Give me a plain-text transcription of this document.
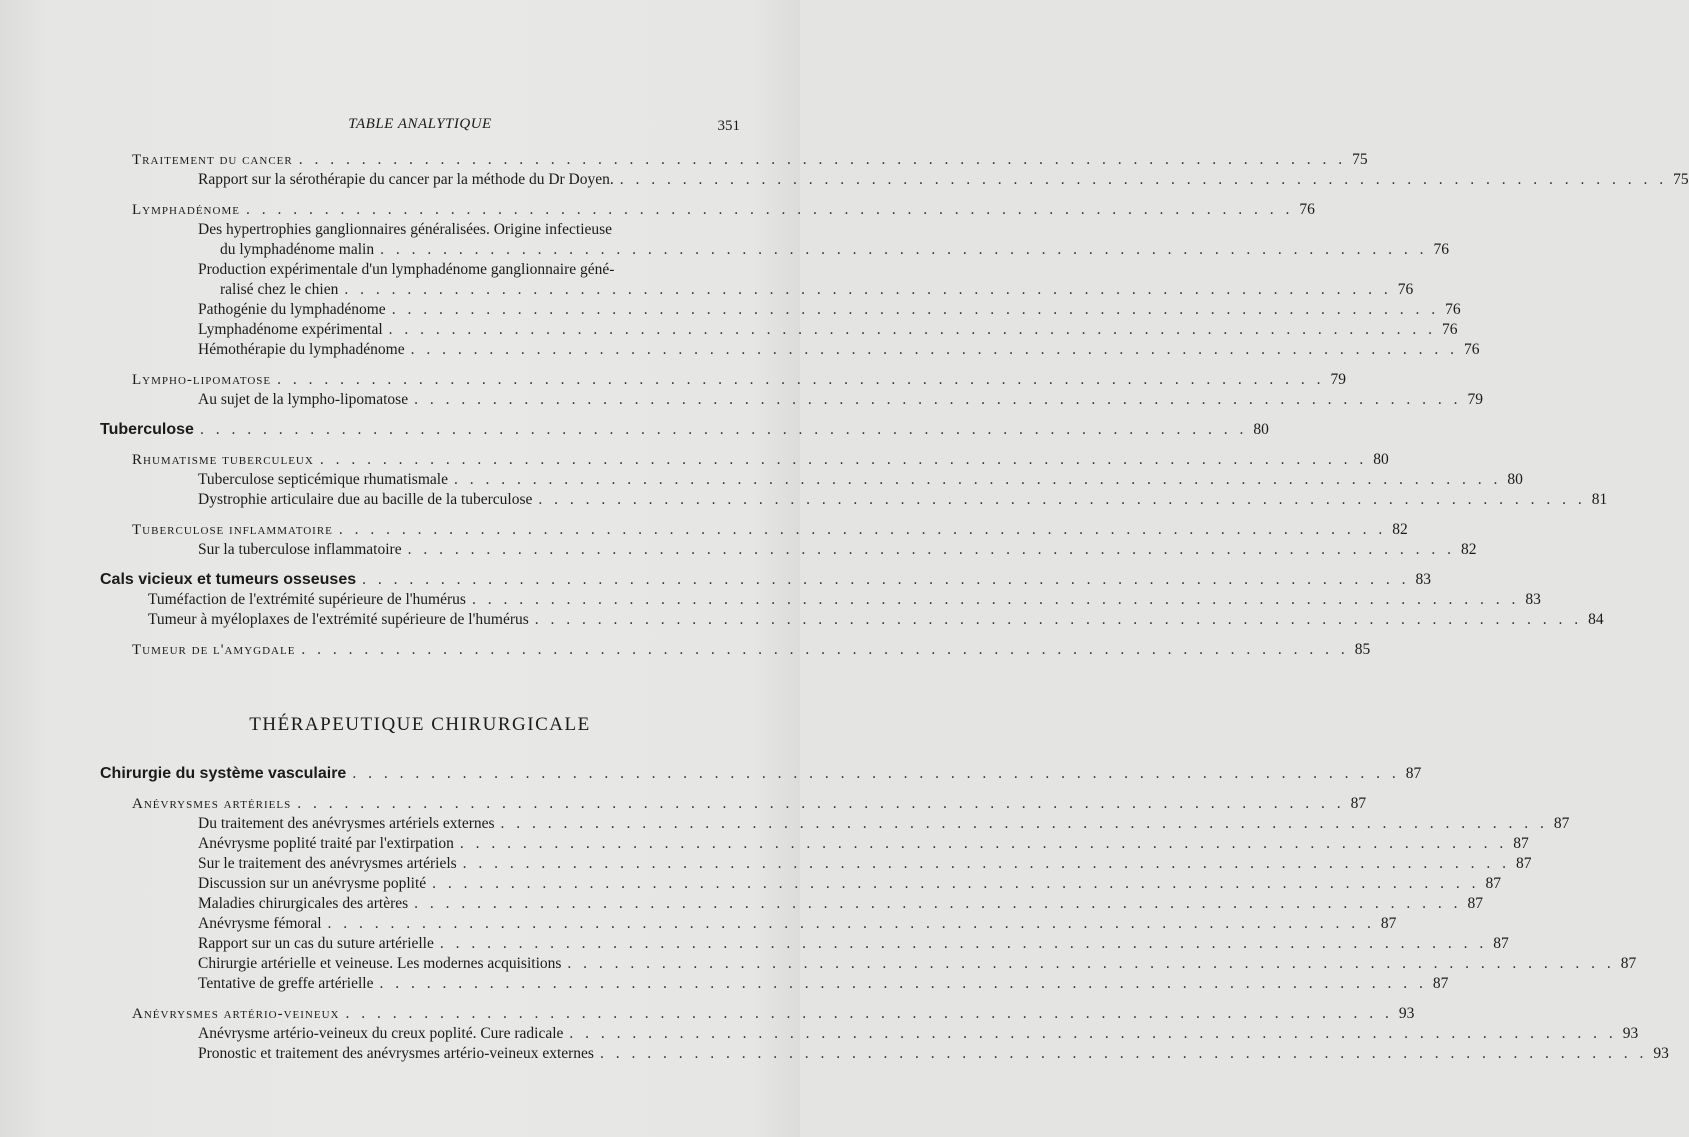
TABLE ANALYTIQUE	351
Traitement du cancer . . . . . . . . . . . . . . . . . . . . . . . . . . . . . . . . . . . . . . . . . . . . . . . . . . . . . . . . . . . . . . . . . . . 75
Rapport sur la sérothérapie du cancer par la méthode du Dr Doyen. . . . . . . . . . . . . . . . . . . . . . . . . . . . . . . . . . . . . . . . . . . . . . . . . . . . . . . . . . . . . . . . . . . . 75
Lymphadénome . . . . . . . . . . . . . . . . . . . . . . . . . . . . . . . . . . . . . . . . . . . . . . . . . . . . . . . . . . . . . . . . . . . 76
Des hypertrophies ganglionnaires généralisées. Origine infectieuse
du lymphadénome malin . . . . . . . . . . . . . . . . . . . . . . . . . . . . . . . . . . . . . . . . . . . . . . . . . . . . . . . . . . . . . . . . . . . 76
Production expérimentale d'un lymphadénome ganglionnaire géné-
ralisé chez le chien . . . . . . . . . . . . . . . . . . . . . . . . . . . . . . . . . . . . . . . . . . . . . . . . . . . . . . . . . . . . . . . . . . . 76
Pathogénie du lymphadénome . . . . . . . . . . . . . . . . . . . . . . . . . . . . . . . . . . . . . . . . . . . . . . . . . . . . . . . . . . . . . . . . . . . 76
Lymphadénome expérimental . . . . . . . . . . . . . . . . . . . . . . . . . . . . . . . . . . . . . . . . . . . . . . . . . . . . . . . . . . . . . . . . . . . 76
Hémothérapie du lymphadénome . . . . . . . . . . . . . . . . . . . . . . . . . . . . . . . . . . . . . . . . . . . . . . . . . . . . . . . . . . . . . . . . . . . 76
Lympho-lipomatose . . . . . . . . . . . . . . . . . . . . . . . . . . . . . . . . . . . . . . . . . . . . . . . . . . . . . . . . . . . . . . . . . . . 79
Au sujet de la lympho-lipomatose . . . . . . . . . . . . . . . . . . . . . . . . . . . . . . . . . . . . . . . . . . . . . . . . . . . . . . . . . . . . . . . . . . . 79
Tuberculose . . . . . . . . . . . . . . . . . . . . . . . . . . . . . . . . . . . . . . . . . . . . . . . . . . . . . . . . . . . . . . . . . . . 80
Rhumatisme tuberculeux . . . . . . . . . . . . . . . . . . . . . . . . . . . . . . . . . . . . . . . . . . . . . . . . . . . . . . . . . . . . . . . . . . . 80
Tuberculose septicémique rhumatismale . . . . . . . . . . . . . . . . . . . . . . . . . . . . . . . . . . . . . . . . . . . . . . . . . . . . . . . . . . . . . . . . . . . 80
Dystrophie articulaire due au bacille de la tuberculose . . . . . . . . . . . . . . . . . . . . . . . . . . . . . . . . . . . . . . . . . . . . . . . . . . . . . . . . . . . . . . . . . . . 81
Tuberculose inflammatoire . . . . . . . . . . . . . . . . . . . . . . . . . . . . . . . . . . . . . . . . . . . . . . . . . . . . . . . . . . . . . . . . . . . 82
Sur la tuberculose inflammatoire . . . . . . . . . . . . . . . . . . . . . . . . . . . . . . . . . . . . . . . . . . . . . . . . . . . . . . . . . . . . . . . . . . . 82
Cals vicieux et tumeurs osseuses . . . . . . . . . . . . . . . . . . . . . . . . . . . . . . . . . . . . . . . . . . . . . . . . . . . . . . . . . . . . . . . . . . . 83
Tuméfaction de l'extrémité supérieure de l'humérus . . . . . . . . . . . . . . . . . . . . . . . . . . . . . . . . . . . . . . . . . . . . . . . . . . . . . . . . . . . . . . . . . . . 83
Tumeur à myéloplaxes de l'extrémité supérieure de l'humérus . . . . . . . . . . . . . . . . . . . . . . . . . . . . . . . . . . . . . . . . . . . . . . . . . . . . . . . . . . . . . . . . . . . 84
Tumeur de l'amygdale . . . . . . . . . . . . . . . . . . . . . . . . . . . . . . . . . . . . . . . . . . . . . . . . . . . . . . . . . . . . . . . . . . . 85
THÉRAPEUTIQUE CHIRURGICALE
Chirurgie du système vasculaire . . . . . . . . . . . . . . . . . . . . . . . . . . . . . . . . . . . . . . . . . . . . . . . . . . . . . . . . . . . . . . . . . . . 87
Anévrysmes artériels . . . . . . . . . . . . . . . . . . . . . . . . . . . . . . . . . . . . . . . . . . . . . . . . . . . . . . . . . . . . . . . . . . . 87
Du traitement des anévrysmes artériels externes . . . . . . . . . . . . . . . . . . . . . . . . . . . . . . . . . . . . . . . . . . . . . . . . . . . . . . . . . . . . . . . . . . . 87
Anévrysme poplité traité par l'extirpation . . . . . . . . . . . . . . . . . . . . . . . . . . . . . . . . . . . . . . . . . . . . . . . . . . . . . . . . . . . . . . . . . . . 87
Sur le traitement des anévrysmes artériels . . . . . . . . . . . . . . . . . . . . . . . . . . . . . . . . . . . . . . . . . . . . . . . . . . . . . . . . . . . . . . . . . . . 87
Discussion sur un anévrysme poplité . . . . . . . . . . . . . . . . . . . . . . . . . . . . . . . . . . . . . . . . . . . . . . . . . . . . . . . . . . . . . . . . . . . 87
Maladies chirurgicales des artères . . . . . . . . . . . . . . . . . . . . . . . . . . . . . . . . . . . . . . . . . . . . . . . . . . . . . . . . . . . . . . . . . . . 87
Anévrysme fémoral . . . . . . . . . . . . . . . . . . . . . . . . . . . . . . . . . . . . . . . . . . . . . . . . . . . . . . . . . . . . . . . . . . . 87
Rapport sur un cas du suture artérielle . . . . . . . . . . . . . . . . . . . . . . . . . . . . . . . . . . . . . . . . . . . . . . . . . . . . . . . . . . . . . . . . . . . 87
Chirurgie artérielle et veineuse. Les modernes acquisitions . . . . . . . . . . . . . . . . . . . . . . . . . . . . . . . . . . . . . . . . . . . . . . . . . . . . . . . . . . . . . . . . . . . 87
Tentative de greffe artérielle . . . . . . . . . . . . . . . . . . . . . . . . . . . . . . . . . . . . . . . . . . . . . . . . . . . . . . . . . . . . . . . . . . . 87
Anévrysmes artério-veineux . . . . . . . . . . . . . . . . . . . . . . . . . . . . . . . . . . . . . . . . . . . . . . . . . . . . . . . . . . . . . . . . . . . 93
Anévrysme artério-veineux du creux poplité. Cure radicale . . . . . . . . . . . . . . . . . . . . . . . . . . . . . . . . . . . . . . . . . . . . . . . . . . . . . . . . . . . . . . . . . . . 93
Pronostic et traitement des anévrysmes artério-veineux externes . . . . . . . . . . . . . . . . . . . . . . . . . . . . . . . . . . . . . . . . . . . . . . . . . . . . . . . . . . . . . . . . . . . 93
